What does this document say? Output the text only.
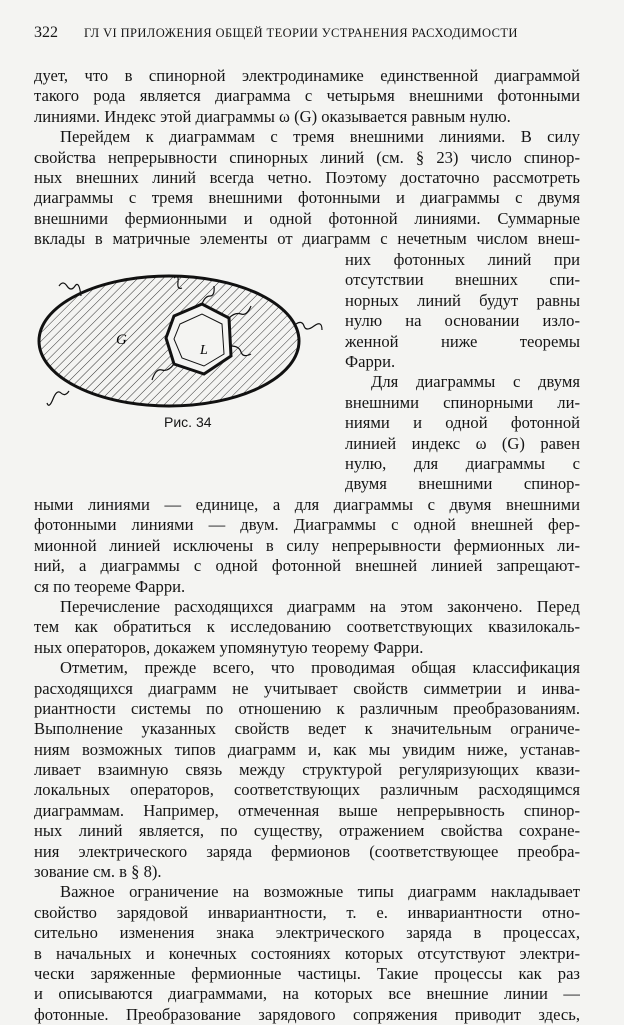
322 ГЛ VI ПРИЛОЖЕНИЯ ОБЩЕЙ ТЕОРИИ УСТРАНЕНИЯ РАСХОДИМОСТИ
дует, что в спинорной электродинамике единственной диаграммой
такого рода является диаграмма с четырьмя внешними фотонными
линиями. Индекс этой диаграммы ω (G) оказывается равным нулю.
Перейдем к диаграммам с тремя внешними линиями. В силу
свойства непрерывности спинорных линий (см. § 23) число спинор-
ных внешних линий всегда четно. Поэтому достаточно рассмотреть
диаграммы с тремя внешними фотонными и диаграммы с двумя
внешними фермионными и одной фотонной линиями. Суммарные
вклады в матричные элементы от диаграмм с нечетным числом внеш-
них фотонных линий при
отсутствии внешних спи-
норных линий будут равны
нулю на основании изло-
женной ниже теоремы
Фарри.
Для диаграммы с двумя
внешними спинорными ли-
ниями и одной фотонной
линией индекс ω (G) равен
нулю, для диаграммы с
двумя внешними спинор-
ными линиями — единице, а для диаграммы с двумя внешними
фотонными линиями — двум. Диаграммы с одной внешней фер-
мионной линией исключены в силу непрерывности фермионных ли-
ний, а диаграммы с одной фотонной внешней линией запрещают-
ся по теореме Фарри.
Перечисление расходящихся диаграмм на этом закончено. Перед
тем как обратиться к исследованию соответствующих квазилокаль-
ных операторов, докажем упомянутую теорему Фарри.
Отметим, прежде всего, что проводимая общая классификация
расходящихся диаграмм не учитывает свойств симметрии и инва-
риантности системы по отношению к различным преобразованиям.
Выполнение указанных свойств ведет к значительным ограниче-
ниям возможных типов диаграмм и, как мы увидим ниже, устанав-
ливает взаимную связь между структурой регуляризующих квази-
локальных операторов, соответствующих различным расходящимся
диаграммам. Например, отмеченная выше непрерывность спинор-
ных линий является, по существу, отражением свойства сохране-
ния электрического заряда фермионов (соответствующее преобра-
зование см. в § 8).
Важное ограничение на возможные типы диаграмм накладывает
свойство зарядовой инвариантности, т. е. инвариантности отно-
сительно изменения знака электрического заряда в процессах,
в начальных и конечных состояниях которых отсутствуют электри-
чески заряженные фермионные частицы. Такие процессы как раз
и описываются диаграммами, на которых все внешние линии —
фотонные. Преобразование зарядового сопряжения приводит здесь,
G
L
Рис. 34
